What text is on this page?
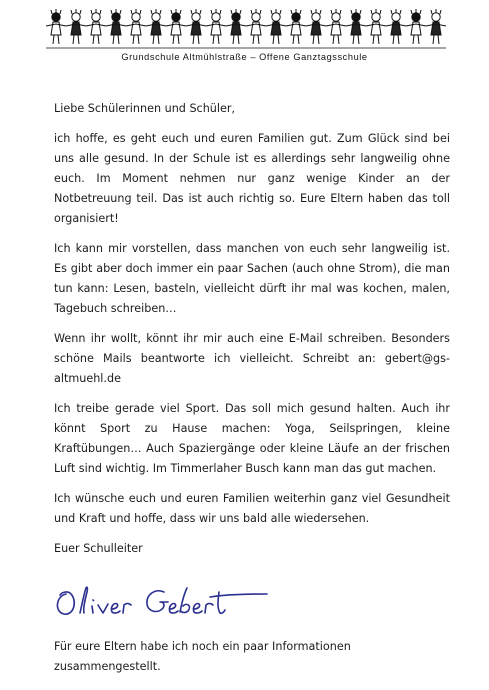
Grundschule Altmühlstraße – Offene Ganztagsschule

Liebe Schülerinnen und Schüler,

ich hoffe, es geht euch und euren Familien gut. Zum Glück sind bei uns alle gesund. In der Schule ist es allerdings sehr langweilig ohne euch. Im Moment nehmen nur ganz wenige Kinder an der Notbetreuung teil. Das ist auch richtig so. Eure Eltern haben das toll organisiert!

Ich kann mir vorstellen, dass manchen von euch sehr langweilig ist. Es gibt aber doch immer ein paar Sachen (auch ohne Strom), die man tun kann: Lesen, basteln, vielleicht dürft ihr mal was kochen, malen, Tagebuch schreiben…

Wenn ihr wollt, könnt ihr mir auch eine E-Mail schreiben. Besonders schöne Mails beantworte ich vielleicht. Schreibt an: gebert@gs-altmuehl.de

Ich treibe gerade viel Sport. Das soll mich gesund halten. Auch ihr könnt Sport zu Hause machen: Yoga, Seilspringen, kleine Kraftübungen… Auch Spaziergänge oder kleine Läufe an der frischen Luft sind wichtig. Im Timmerlaher Busch kann man das gut machen.

Ich wünsche euch und euren Familien weiterhin ganz viel Gesundheit und Kraft und hoffe, dass wir uns bald alle wiedersehen.

Euer Schulleiter

Für eure Eltern habe ich noch ein paar Informationen zusammengestellt.
